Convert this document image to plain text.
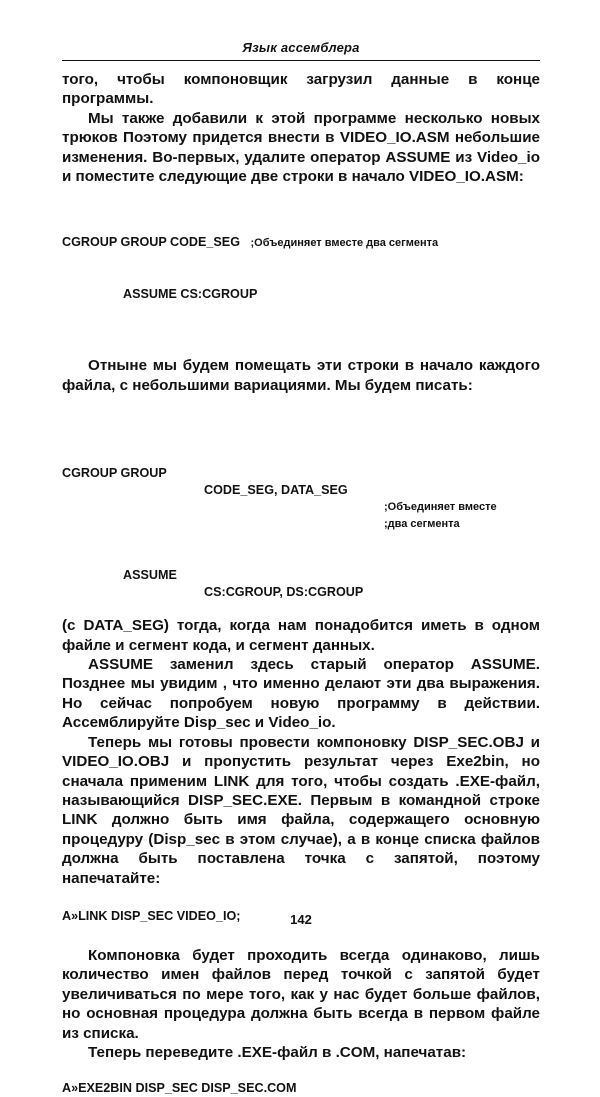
Язык ассемблера

того, чтобы компоновщик загрузил данные в конце программы.

Мы также добавили к этой программе несколько новых трюков Поэтому придется внести в VIDEO_IO.ASM небольшие изменения. Во-первых, удалите оператор ASSUME из Video_io и поместите следующие две строки в начало VIDEO_IO.ASM:

CGROUP GROUP CODE_SEG ;Объединяет вместе два сегмента

ASSUME CS:CGROUP

Отныне мы будем помещать эти строки в начало каждого файла, с небольшими вариациями. Мы будем писать:

CGROUP GROUP

CODE_SEG, DATA_SEG

;Объединяет вместе

;два сегмента

ASSUME

CS:CGROUP, DS:CGROUP

(с DATA_SEG) тогда, когда нам понадобится иметь в одном файле и сегмент кода, и сегмент данных.

ASSUME заменил здесь старый оператор ASSUME. Позднее мы увидим , что именно делают эти два выражения. Но сейчас попробуем новую программу в действии. Ассемблируйте Disp_sec и Video_io.

Теперь мы готовы провести компоновку DISP_SEC.OBJ и VIDEO_IO.OBJ и пропустить результат через Exe2bin, но сначала применим LINK для того, чтобы создать .EXE-файл, называющийся DISP_SEC.EXE. Первым в командной строке LINK должно быть имя файла, содержащего основную процедуру (Disp_sec в этом случае), а в конце списка файлов должна быть поставлена точка с запятой, поэтому напечатайте:

A»LINK DISP_SEC VIDEO_IO;

Компоновка будет проходить всегда одинаково, лишь количество имен файлов перед точкой с запятой будет увеличиваться по мере того, как у нас будет больше файлов, но основная процедура должна быть всегда в первом файле из списка.

Теперь переведите .EXE-файл в .COM, напечатав:

A»EXE2BIN DISP_SEC DISP_SEC.COM
142
